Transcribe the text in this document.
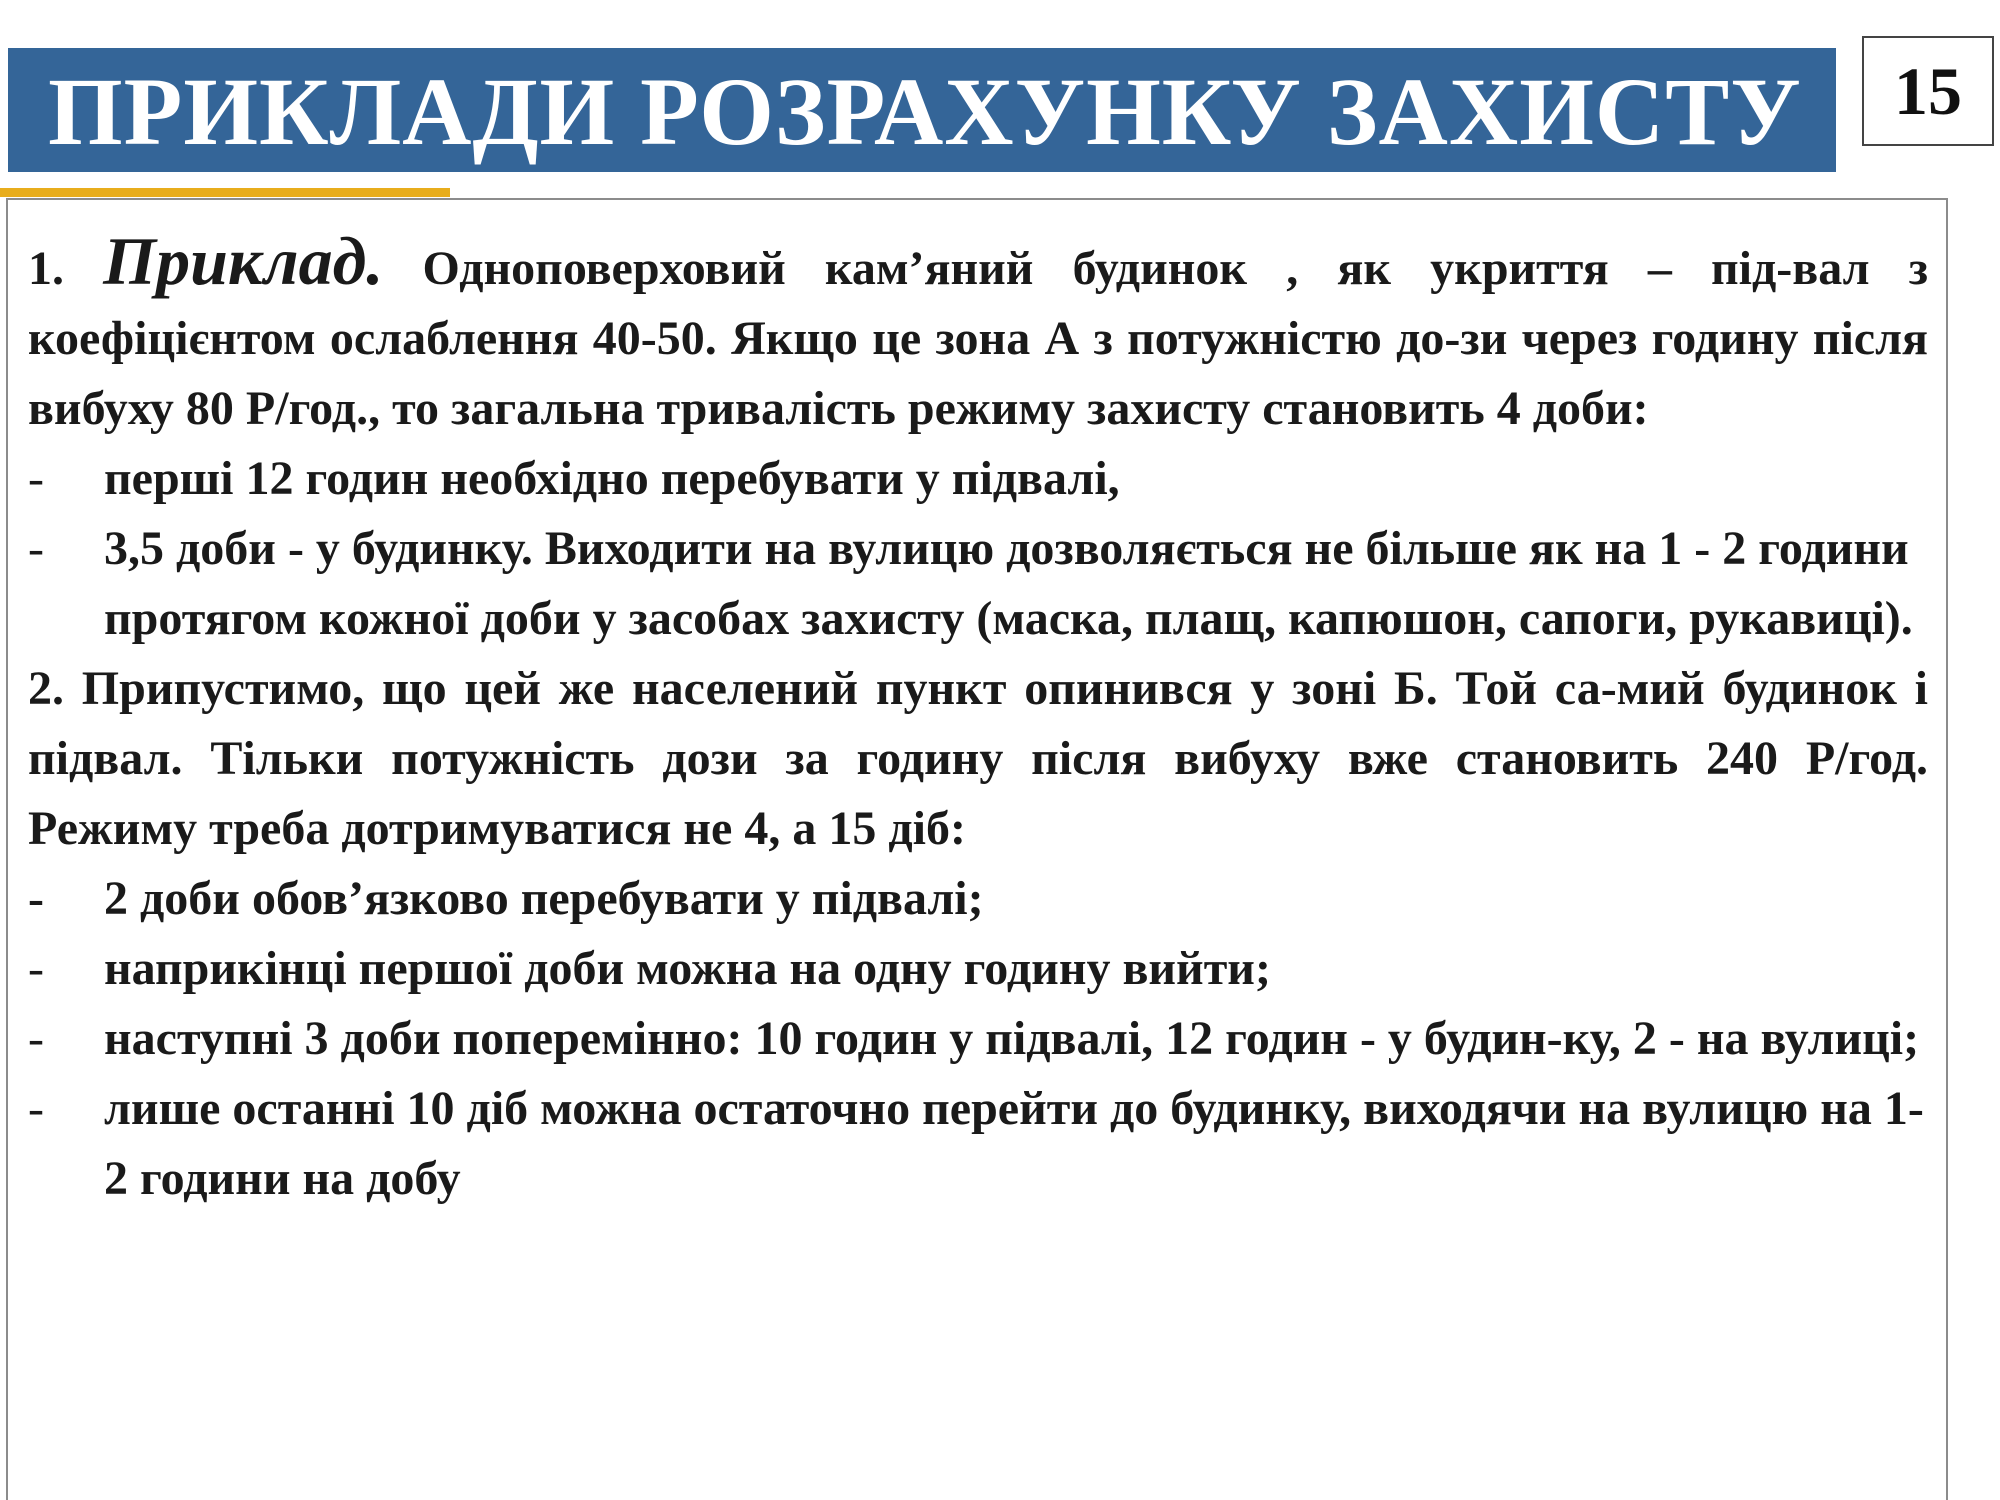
ПРИКЛАДИ РОЗРАХУНКУ ЗАХИСТУ	15

1. Приклад. Одноповерховий кам’яний будинок , як укриття – під-вал з коефіцієнтом ослаблення 40-50. Якщо це зона А з потужністю до-зи через годину після вибуху 80 Р/год., то загальна тривалість режиму захисту становить 4 доби:

-	перші 12 годин необхідно перебувати у підвалі,
-	3,5 доби - у будинку. Виходити на вулицю дозволяється не більше як на 1 - 2 години протягом кожної доби у засобах захисту (маска, плащ, капюшон, сапоги, рукавиці).

2. Припустимо, що цей же населений пункт опинився у зоні Б. Той са-мий будинок і підвал. Тільки потужність дози за годину після вибуху вже становить 240 Р/год. Режиму треба дотримуватися не 4, а 15 діб:

-	2 доби обов’язково перебувати у підвалі;
-	наприкінці першої доби можна на одну годину вийти;
-	наступні 3 доби поперемінно: 10 годин у підвалі, 12 годин - у будин-ку, 2 - на вулиці;
-	лише останні 10 діб можна остаточно перейти до будинку, виходячи на вулицю на 1-2 години на добу
